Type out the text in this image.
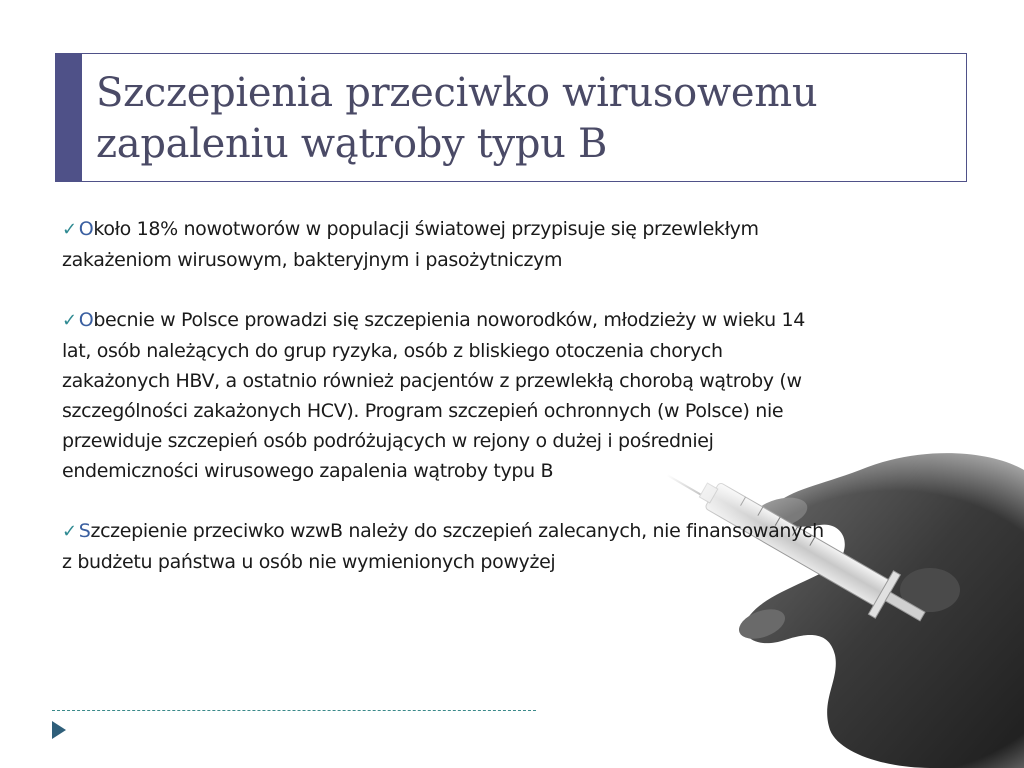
Szczepienia przeciwko wirusowemu zapaleniu wątroby typu B

✓ Około 18% nowotworów w populacji światowej przypisuje się przewlekłym zakażeniom wirusowym, bakteryjnym i pasożytniczym

✓ Obecnie w Polsce prowadzi się szczepienia noworodków, młodzieży w wieku 14 lat, osób należących do grup ryzyka, osób z bliskiego otoczenia chorych zakażonych HBV, a ostatnio również pacjentów z przewlekłą chorobą wątroby (w szczególności zakażonych HCV). Program szczepień ochronnych (w Polsce) nie przewiduje szczepień osób podróżujących w rejony o dużej i pośredniej endemiczności wirusowego zapalenia wątroby typu B

✓ Szczepienie przeciwko wzwB należy do szczepień zalecanych, nie finansowanych z budżetu państwa u osób nie wymienionych powyżej
